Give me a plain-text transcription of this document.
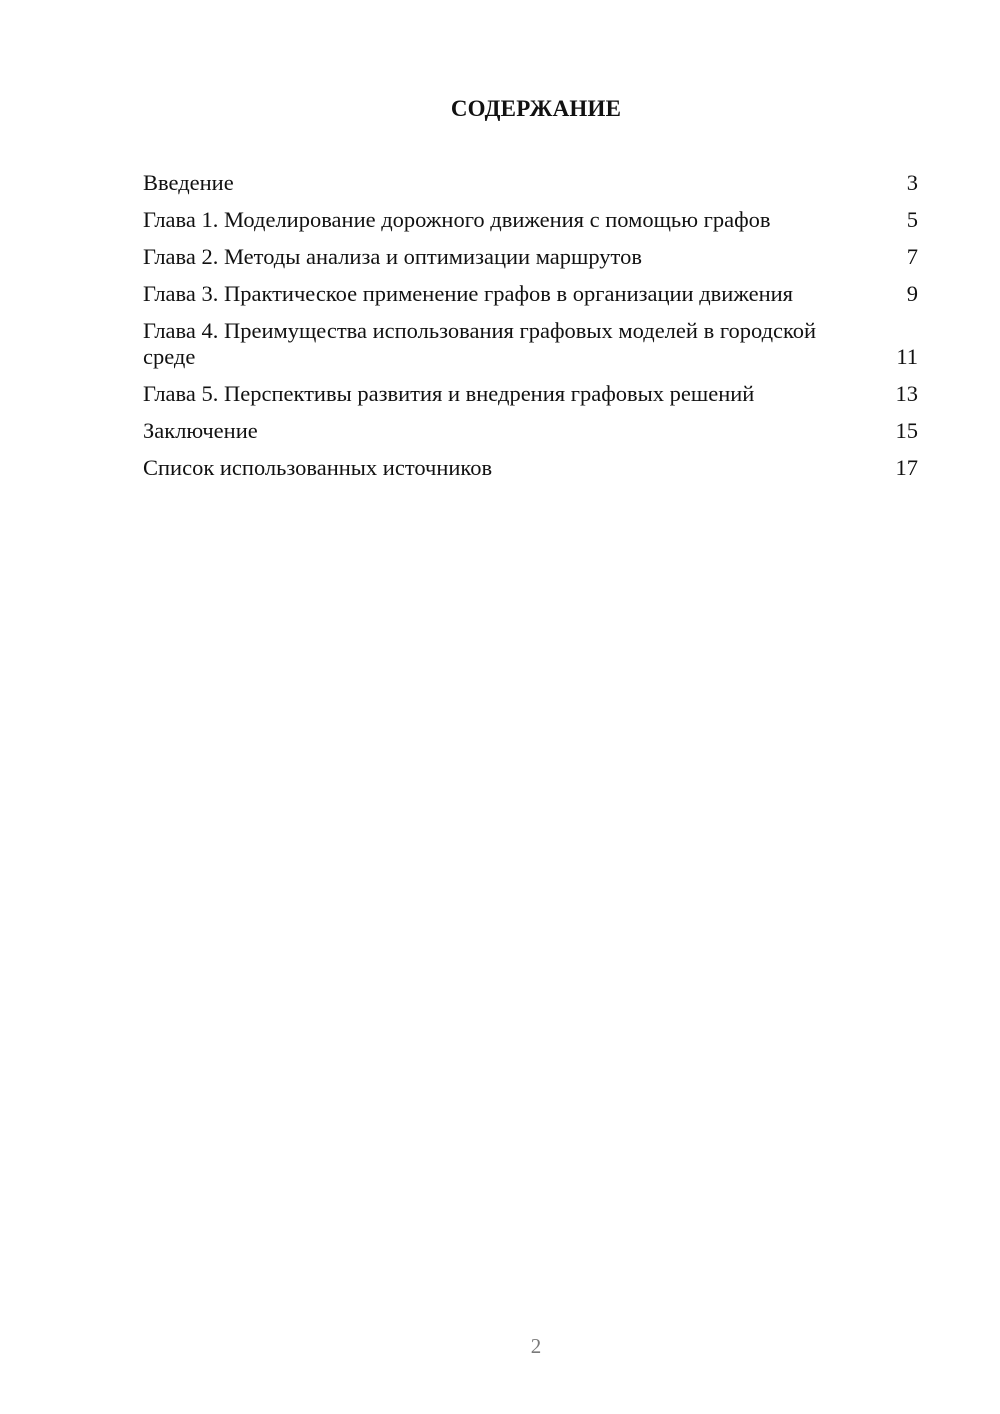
СОДЕРЖАНИЕ
Введение	3
Глава 1. Моделирование дорожного движения с помощью графов	5
Глава 2. Методы анализа и оптимизации маршрутов	7
Глава 3. Практическое применение графов в организации движения	9
Глава 4. Преимущества использования графовых моделей в городской среде	11
Глава 5. Перспективы развития и внедрения графовых решений	13
Заключение	15
Список использованных источников	17
2
